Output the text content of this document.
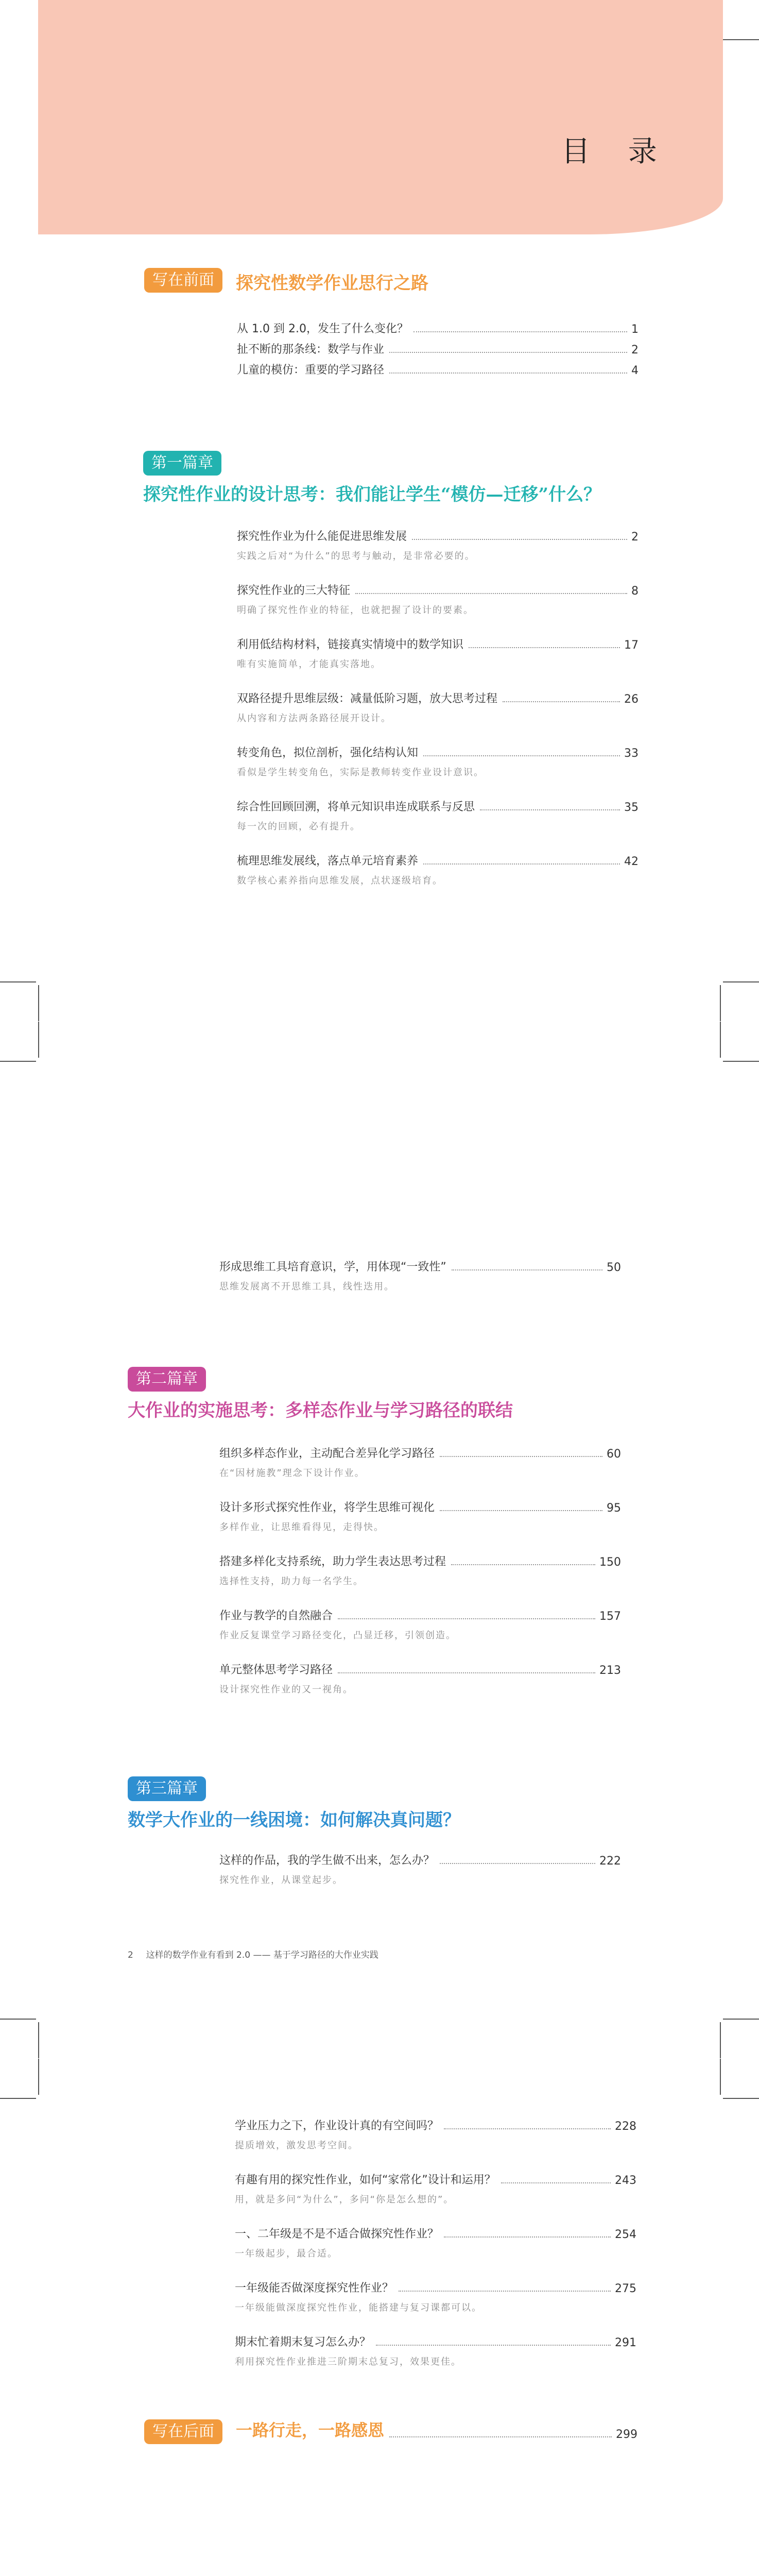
目 录
写在前面	探究性数学作业思行之路
从 1.0 到 2.0，发生了什么变化？	1
扯不断的那条线：数学与作业	2
儿童的模仿：重要的学习路径	4
第一篇章
探究性作业的设计思考：我们能让学生“模仿—迁移”什么？
探究性作业为什么能促进思维发展	2
实践之后对“为什么”的思考与触动，是非常必要的。
探究性作业的三大特征	8
明确了探究性作业的特征，也就把握了设计的要素。
利用低结构材料，链接真实情境中的数学知识	17
唯有实施简单，才能真实落地。
双路径提升思维层级：减量低阶习题，放大思考过程	26
从内容和方法两条路径展开设计。
转变角色，拟位剖析，强化结构认知	33
看似是学生转变角色，实际是教师转变作业设计意识。
综合性回顾回溯，将单元知识串连成联系与反思	35
每一次的回顾，必有提升。
梳理思维发展线，落点单元培育素养	42
数学核心素养指向思维发展，点状逐级培育。
形成思维工具培育意识，学，用体现“一致性”	50
思维发展离不开思维工具，线性迭用。
第二篇章
大作业的实施思考：多样态作业与学习路径的联结
组织多样态作业，主动配合差异化学习路径	60
在“因材施教”理念下设计作业。
设计多形式探究性作业，将学生思维可视化	95
多样作业，让思维看得见，走得快。
搭建多样化支持系统，助力学生表达思考过程	150
选择性支持，助力每一名学生。
作业与教学的自然融合	157
作业反复课堂学习路径变化，凸显迁移，引领创造。
单元整体思考学习路径	213
设计探究性作业的又一视角。
第三篇章
数学大作业的一线困境：如何解决真问题？
这样的作品，我的学生做不出来，怎么办？	222
探究性作业，从课堂起步。
2 这样的数学作业有看到 2.0 —— 基于学习路径的大作业实践
学业压力之下，作业设计真的有空间吗？	228
提质增效，激发思考空间。
有趣有用的探究性作业，如何“家常化”设计和运用？	243
用，就是多问“为什么”，多问“你是怎么想的”。
一、二年级是不是不适合做探究性作业？	254
一年级起步，最合适。
一年级能否做深度探究性作业？	275
一年级能做深度探究性作业，能搭建与复习课都可以。
期末忙着期末复习怎么办？	291
利用探究性作业推进三阶期末总复习，效果更佳。
写在后面	一路行走，一路感恩	299
